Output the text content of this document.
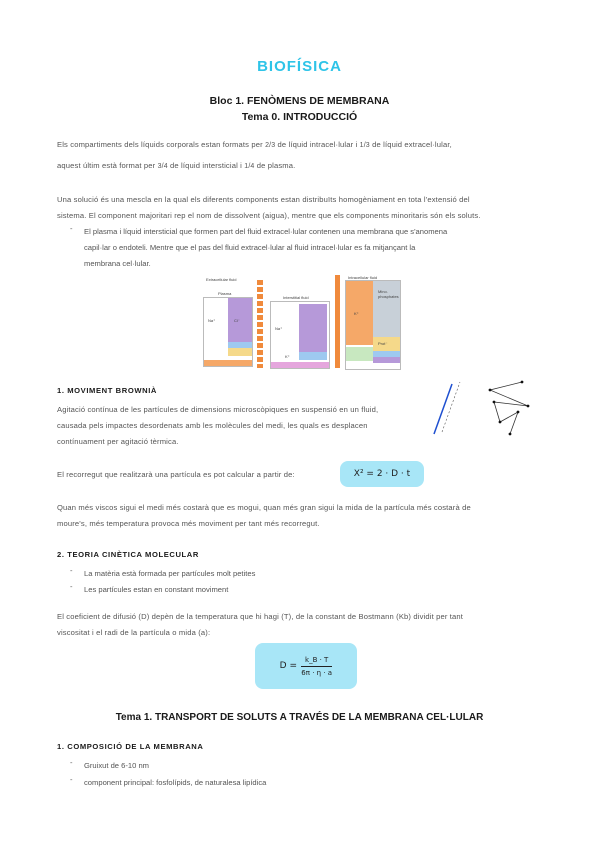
BIOFÍSICA
Bloc 1. FENÒMENS DE MEMBRANA
Tema 0. INTRODUCCIÓ
Els compartiments dels líquids corporals estan formats per 2/3 de líquid intracel·lular i 1/3 de líquid extracel·lular,
aquest últim està format per 3/4 de líquid intersticial i 1/4 de plasma.
Una solució és una mescla en la qual els diferents components estan distribuïts homogèniament en tota l'extensió del
sistema. El component majoritari rep el nom de dissolvent (aigua), mentre que els components minoritaris són els soluts.
- El plasma i líquid intersticial que formen part del fluid extracel·lular contenen una membrana que s'anomena
capil·lar o endoteli. Mentre que el pas del fluid extracel·lular al fluid intracel·lular es fa mitjançant la
membrana cel·lular.
Plasma
Extracellular fluid
Na⁺	Cl⁻
Interstitial fluid
Na⁺
K⁺
Intracellular fluid
Mino. phosphates
K⁺
Prot⁻
1. MOVIMENT BROWNIÀ
Agitació contínua de les partícules de dimensions microscòpiques en suspensió en un fluid,
causada pels impactes desordenats amb les molècules del medi, les quals es desplacen
contínuament per agitació tèrmica.
El recorregut que realitzarà una partícula es pot calcular a partir de:	X² = 2 · D · t
Quan més viscos sigui el medi més costarà que es mogui, quan més gran sigui la mida de la partícula més costarà de
moure's, més temperatura provoca més moviment per tant més recorregut.
2. TEORIA CINÈTICA MOLECULAR
- La matèria està formada per partícules molt petites
- Les partícules estan en constant moviment
El coeficient de difusió (D) depèn de la temperatura que hi hagi (T), de la constant de Bostmann (Kb) dividit per tant
viscositat i el radi de la partícula o mida (a):
$D = \frac{k\_B \cdot T}{6\pi \cdot \eta \cdot a}$
Tema 1. TRANSPORT DE SOLUTS A TRAVÉS DE LA MEMBRANA CEL·LULAR
1. COMPOSICIÓ DE LA MEMBRANA
- Gruixut de 6-10 nm
- component principal: fosfolípids, de naturalesa lipídica
